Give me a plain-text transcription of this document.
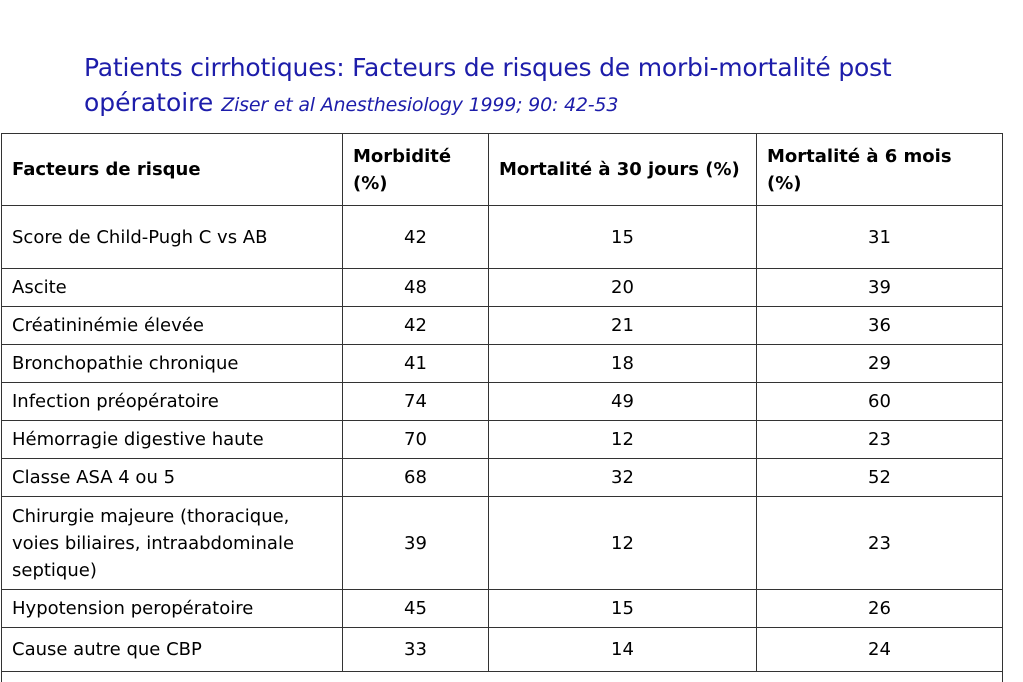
Patients cirrhotiques: Facteurs de risques de morbi-mortalité post
opératoire Ziser et al Anesthesiology 1999; 90: 42-53
Facteurs de risque	Morbidité (%)	Mortalité à 30 jours (%)	Mortalité à 6 mois (%)
Score de Child-Pugh C vs AB	42	15	31
Ascite	48	20	39
Créatininémie élevée	42	21	36
Bronchopathie chronique	41	18	29
Infection préopératoire	74	49	60
Hémorragie digestive haute	70	12	23
Classe ASA 4 ou 5	68	32	52
Chirurgie majeure (thoracique, voies biliaires, intraabdominale septique)	39	12	23
Hypotension peropératoire	45	15	26
Cause autre que CBP	33	14	24
